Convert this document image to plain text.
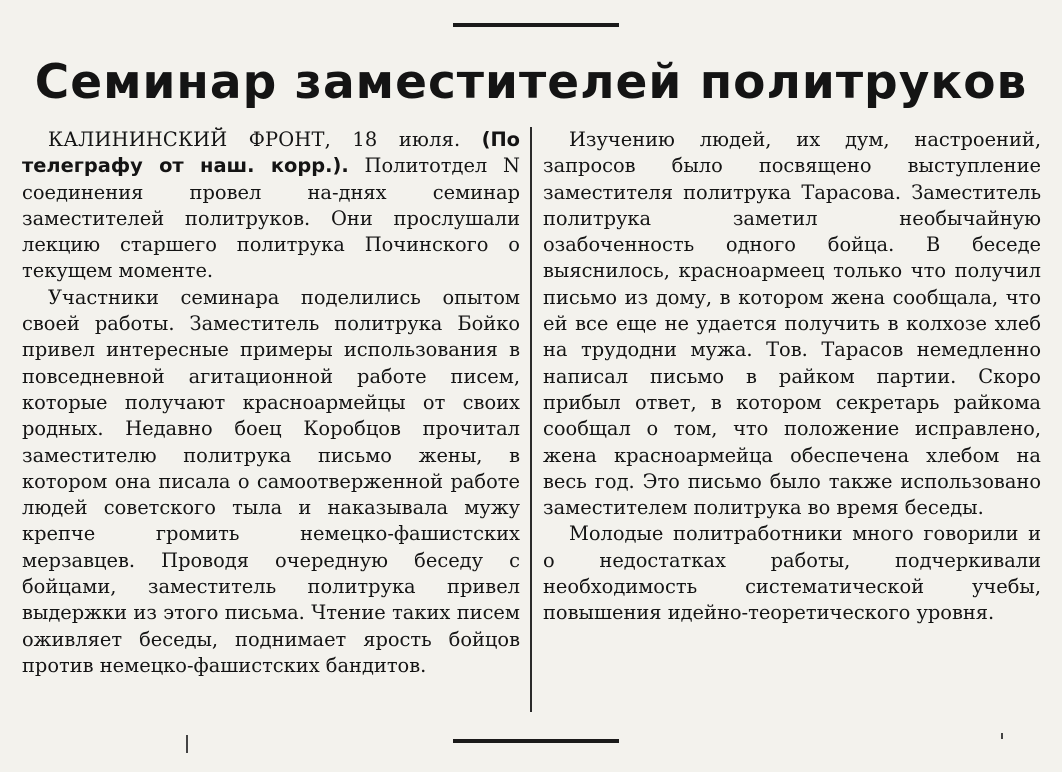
Семинар заместителей политруков

КАЛИНИНСКИЙ ФРОНТ, 18 июля. (По телеграфу от наш. корр.). Политотдел N соединения провел на-днях семинар заместителей политруков. Они прослушали лекцию старшего политрука Починского о текущем моменте.

Участники семинара поделились опытом своей работы. Заместитель политрука Бойко привел интересные примеры использования в повседневной агитационной работе писем, которые получают красноармейцы от своих родных. Недавно боец Коробцов прочитал заместителю политрука письмо жены, в котором она писала о самоотверженной работе людей советского тыла и наказывала мужу крепче громить немецко-фашистских мерзавцев. Проводя очередную беседу с бойцами, заместитель политрука привел выдержки из этого письма. Чтение таких писем оживляет беседы, поднимает ярость бойцов против немецко-фашистских бандитов.

Изучению людей, их дум, настроений, запросов было посвящено выступление заместителя политрука Тарасова. Заместитель политрука заметил необычайную озабоченность одного бойца. В беседе выяснилось, красноармеец только что получил письмо из дому, в котором жена сообщала, что ей все еще не удается получить в колхозе хлеб на трудодни мужа. Тов. Тарасов немедленно написал письмо в райком партии. Скоро прибыл ответ, в котором секретарь райкома сообщал о том, что положение исправлено, жена красноармейца обеспечена хлебом на весь год. Это письмо было также использовано заместителем политрука во время беседы.

Молодые политработники много говорили и о недостатках работы, подчеркивали необходимость систематической учебы, повышения идейно-теоретического уровня.
